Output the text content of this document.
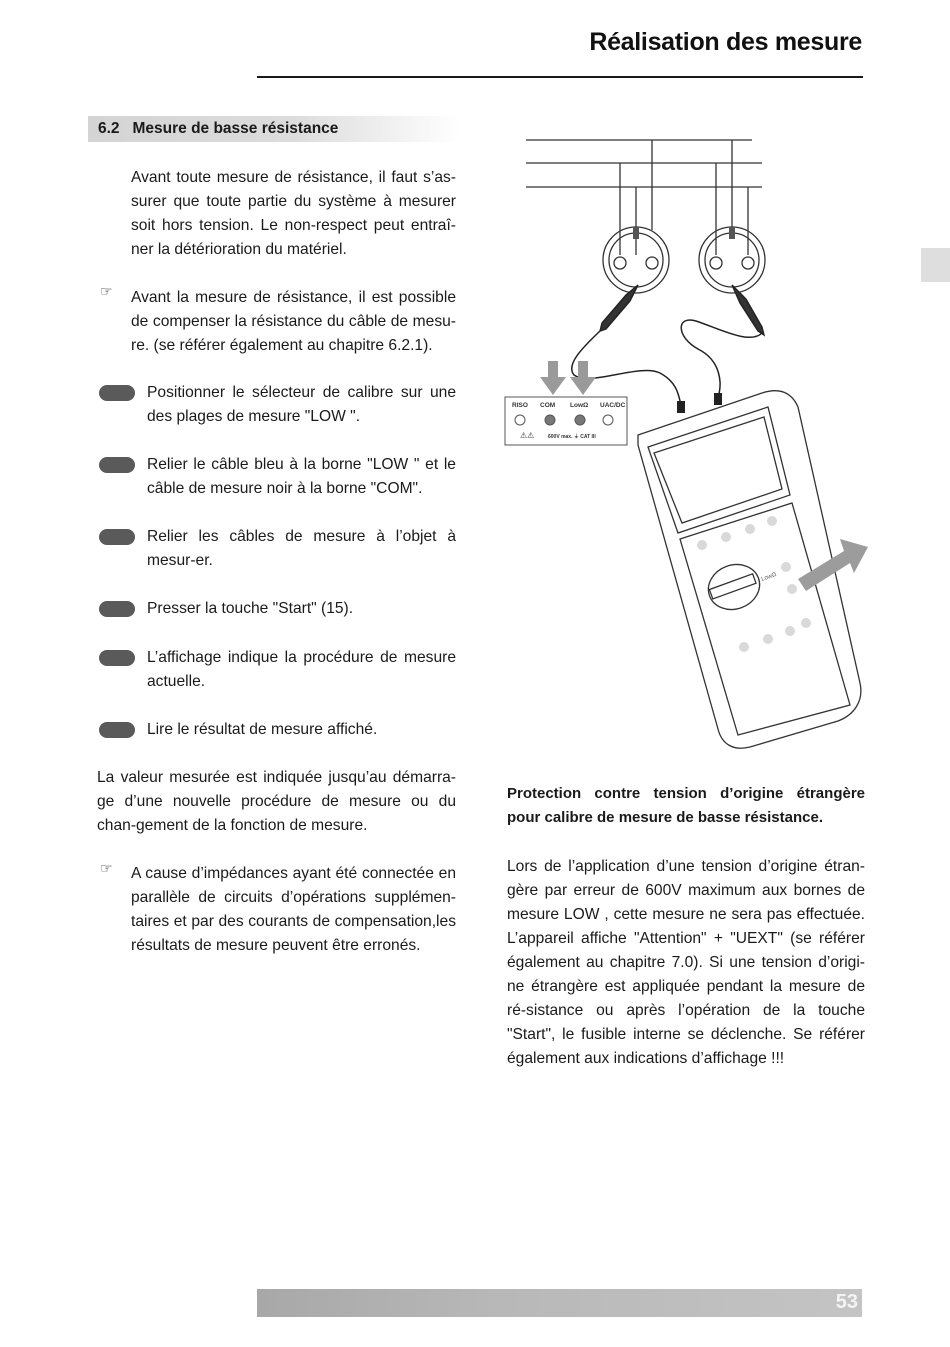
Réalisation des mesure
6.2 Mesure de basse résistance
Avant toute mesure de résistance, il faut s’as-surer que toute partie du système à mesurer soit hors tension. Le non-respect peut entraî-ner la détérioration du matériel.
☞ Avant la mesure de résistance, il est possible de compenser la résistance du câble de mesu-re. (se référer également au chapitre 6.2.1).
Positionner le sélecteur de calibre sur une des plages de mesure "LOW ".
Relier le câble bleu à la borne "LOW " et le câble de mesure noir à la borne "COM".
Relier les câbles de mesure à l’objet à mesur-er.
Presser la touche "Start" (15).
L’affichage indique la procédure de mesure actuelle.
Lire le résultat de mesure affiché.
La valeur mesurée est indiquée jusqu’au démarra-ge d’une nouvelle procédure de mesure ou du chan-gement de la fonction de mesure.
☞ A cause d’impédances ayant été connectée en parallèle de circuits d’opérations supplémen-taires et par des courants de compensation,les résultats de mesure peuvent être erronés.
RISO COM LowΩ UAC/DC
⚠⚠	600V max. ⏚ CAT III
LowΩ
Protection contre tension d’origine étrangère pour calibre de mesure de basse résistance.
Lors de l’application d’une tension d’origine étran-gère par erreur de 600V maximum aux bornes de mesure LOW , cette mesure ne sera pas effectuée. L’appareil affiche "Attention" + "UEXT" (se référer également au chapitre 7.0). Si une tension d’origi-ne étrangère est appliquée pendant la mesure de ré-sistance ou après l’opération de la touche "Start", le fusible interne se déclenche. Se référer également aux indications d’affichage !!!
53
